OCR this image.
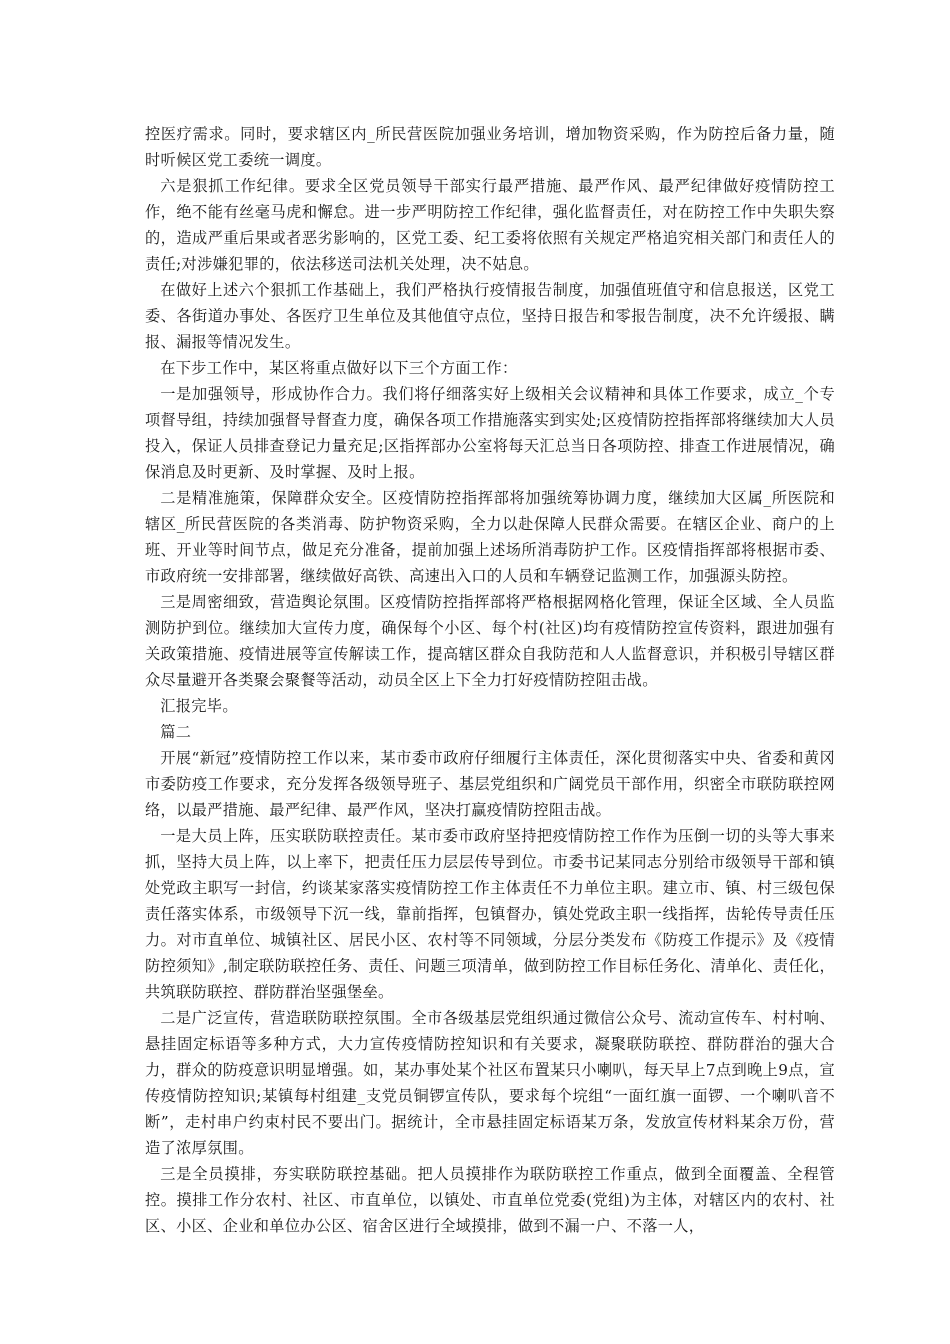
控医疗需求。同时，要求辖区内_所民营医院加强业务培训，增加物资采购，作为防控后备力量，随时听候区党工委统一调度。

六是狠抓工作纪律。要求全区党员领导干部实行最严措施、最严作风、最严纪律做好疫情防控工作，绝不能有丝毫马虎和懈怠。进一步严明防控工作纪律，强化监督责任，对在防控工作中失职失察的，造成严重后果或者恶劣影响的，区党工委、纪工委将依照有关规定严格追究相关部门和责任人的责任;对涉嫌犯罪的，依法移送司法机关处理，决不姑息。

在做好上述六个狠抓工作基础上，我们严格执行疫情报告制度，加强值班值守和信息报送，区党工委、各街道办事处、各医疗卫生单位及其他值守点位，坚持日报告和零报告制度，决不允许缓报、瞒报、漏报等情况发生。

在下步工作中，某区将重点做好以下三个方面工作：

一是加强领导，形成协作合力。我们将仔细落实好上级相关会议精神和具体工作要求，成立_个专项督导组，持续加强督导督查力度，确保各项工作措施落实到实处;区疫情防控指挥部将继续加大人员投入，保证人员排查登记力量充足;区指挥部办公室将每天汇总当日各项防控、排查工作进展情况，确保消息及时更新、及时掌握、及时上报。

二是精准施策，保障群众安全。区疫情防控指挥部将加强统筹协调力度，继续加大区属_所医院和辖区_所民营医院的各类消毒、防护物资采购，全力以赴保障人民群众需要。在辖区企业、商户的上班、开业等时间节点，做足充分准备，提前加强上述场所消毒防护工作。区疫情指挥部将根据市委、市政府统一安排部署，继续做好高铁、高速出入口的人员和车辆登记监测工作，加强源头防控。

三是周密细致，营造舆论氛围。区疫情防控指挥部将严格根据网格化管理，保证全区域、全人员监测防护到位。继续加大宣传力度，确保每个小区、每个村(社区)均有疫情防控宣传资料，跟进加强有关政策措施、疫情进展等宣传解读工作，提高辖区群众自我防范和人人监督意识，并积极引导辖区群众尽量避开各类聚会聚餐等活动，动员全区上下全力打好疫情防控阻击战。

汇报完毕。

篇二

开展“新冠”疫情防控工作以来，某市委市政府仔细履行主体责任，深化贯彻落实中央、省委和黄冈市委防疫工作要求，充分发挥各级领导班子、基层党组织和广阔党员干部作用，织密全市联防联控网络，以最严措施、最严纪律、最严作风，坚决打赢疫情防控阻击战。

一是大员上阵，压实联防联控责任。某市委市政府坚持把疫情防控工作作为压倒一切的头等大事来抓，坚持大员上阵，以上率下，把责任压力层层传导到位。市委书记某同志分别给市级领导干部和镇处党政主职写一封信，约谈某家落实疫情防控工作主体责任不力单位主职。建立市、镇、村三级包保责任落实体系，市级领导下沉一线，靠前指挥，包镇督办，镇处党政主职一线指挥，齿轮传导责任压力。对市直单位、城镇社区、居民小区、农村等不同领域，分层分类发布《防疫工作提示》及《疫情防控须知》,制定联防联控任务、责任、问题三项清单，做到防控工作目标任务化、清单化、责任化，共筑联防联控、群防群治坚强堡垒。

二是广泛宣传，营造联防联控氛围。全市各级基层党组织通过微信公众号、流动宣传车、村村响、悬挂固定标语等多种方式，大力宣传疫情防控知识和有关要求，凝聚联防联控、群防群治的强大合力，群众的防疫意识明显增强。如，某办事处某个社区布置某只小喇叭，每天早上7点到晚上9点，宣传疫情防控知识;某镇每村组建_支党员铜锣宣传队，要求每个垸组“一面红旗一面锣、一个喇叭音不断”，走村串户约束村民不要出门。据统计，全市悬挂固定标语某万条，发放宣传材料某余万份，营造了浓厚氛围。

三是全员摸排，夯实联防联控基础。把人员摸排作为联防联控工作重点，做到全面覆盖、全程管控。摸排工作分农村、社区、市直单位，以镇处、市直单位党委(党组)为主体，对辖区内的农村、社区、小区、企业和单位办公区、宿舍区进行全域摸排，做到不漏一户、不落一人，
